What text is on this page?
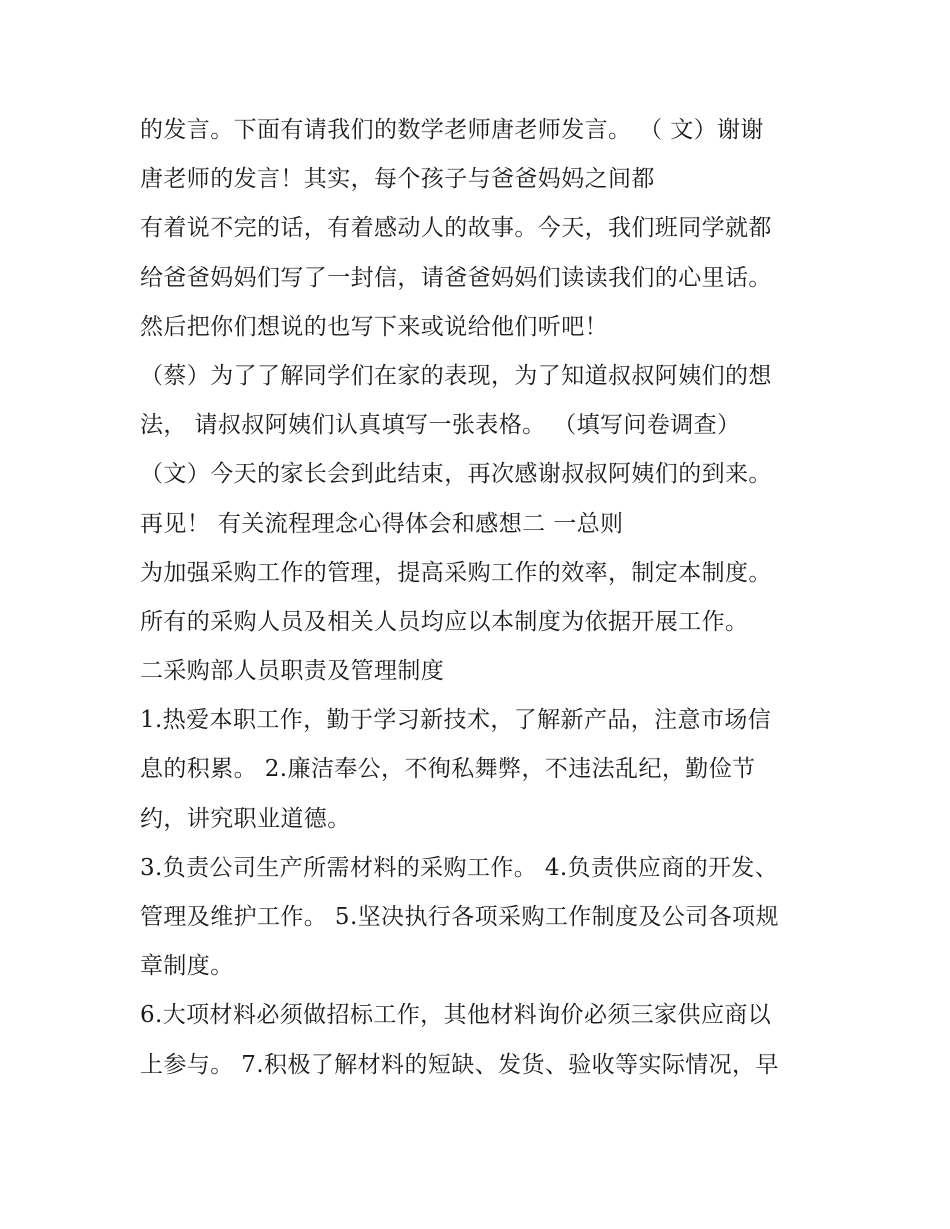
的发言。下面有请我们的数学老师唐老师发言。 （ 文）谢谢
唐老师的发言！其实，每个孩子与爸爸妈妈之间都
有着说不完的话，有着感动人的故事。今天，我们班同学就都
给爸爸妈妈们写了一封信，请爸爸妈妈们读读我们的心里话。
然后把你们想说的也写下来或说给他们听吧！
（蔡）为了了解同学们在家的表现，为了知道叔叔阿姨们的想
法， 请叔叔阿姨们认真填写一张表格。 （填写问卷调查）
（文）今天的家长会到此结束，再次感谢叔叔阿姨们的到来。
再见！ 有关流程理念心得体会和感想二 一总则
为加强采购工作的管理，提高采购工作的效率，制定本制度。
所有的采购人员及相关人员均应以本制度为依据开展工作。
二采购部人员职责及管理制度
1.热爱本职工作，勤于学习新技术，了解新产品，注意市场信
息的积累。 2.廉洁奉公，不徇私舞弊，不违法乱纪，勤俭节
约，讲究职业道德。
3.负责公司生产所需材料的采购工作。 4.负责供应商的开发、
管理及维护工作。 5.坚决执行各项采购工作制度及公司各项规
章制度。
6.大项材料必须做招标工作，其他材料询价必须三家供应商以
上参与。 7.积极了解材料的短缺、发货、验收等实际情况，早
